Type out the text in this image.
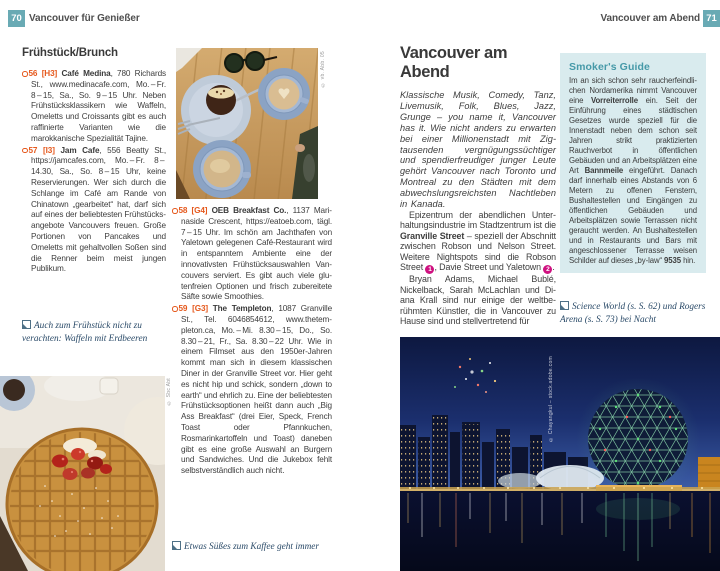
70 Vancouver für Genießer	Vancouver am Abend 71
Frühstück/Brunch

56 [H3] Café Medina, 780 Richards St., www.medinacafe.com, Mo. – Fr. 8 – 15, Sa., So. 9 – 15 Uhr. Neben Frühstücksklassikern wie Waffeln, Omeletts und Croissants gibt es auch raffinierte Varianten wie die marokkanische Spezialität Tajine.

57 [I3] Jam Cafe, 556 Beatty St., https://jamcafes.com, Mo. – Fr. 8 – 14.30, Sa., So. 8 – 15 Uhr, keine Reservierungen. Wer sich durch die Schlange im Café am Rande von Chinatown „gearbeitet“ hat, darf sich auf eines der beliebtesten Frühstücksangebote Vancouvers freuen. Große Portionen von Pancakes und Omeletts mit gehaltvollen Soßen sind die Renner beim meist jungen Publikum.

Auch zum Frühstück nicht zu verachten: Waffeln mit Erdbeeren
© Sbc Abt
© vb. Abb. 05

58 [G4] OEB Breakfast Co., 1137 Marinaside Crescent, https://eatoeb.com, tägl. 7 – 15 Uhr. Im schön am Jachthafen von Yaletown gelegenen Café-Restaurant wird in entspanntem Ambiente eine der innovativsten Frühstücksauswahlen Vancouvers serviert. Es gibt auch viele glutenfreien Optionen und frisch zubereitete Säfte sowie Smoothies.

59 [G3] The Templeton, 1087 Granville St., Tel. 6046854612, www.thetempleton.ca, Mo. – Mi. 8.30 – 15, Do., So. 8.30 – 21, Fr., Sa. 8.30 – 22 Uhr. Wie in einem Filmset aus den 1950er-Jahren kommt man sich in diesem klassischen Diner in der Granville Street vor. Hier geht es nicht hip und schick, sondern „down to earth“ und ehrlich zu. Eine der beliebtesten Frühstücksoptionen heißt dann auch „Big Ass Breakfast“ (drei Eier, Speck, French Toast oder Pfannkuchen, Rosmarinkartoffeln und Toast) daneben gibt es eine große Auswahl an Burgern und Sandwiches. Und die Jukebox fehlt selbstverständlich auch nicht.

Etwas Süßes zum Kaffee geht immer
Vancouver am Abend

Klassische Musik, Comedy, Tanz, Livemusik, Folk, Blues, Jazz, Grunge – you name it, Vancouver has it. Wie nicht anders zu erwarten bei einer Millionenstadt mit Zigtausenden vergnügungssüchtiger und spendierfreudiger junger Leute gehört Vancouver nach Toronto und Montreal zu den Städten mit dem abwechslungsreichsten Nachtleben in Kanada.

Epizentrum der abendlichen Unterhaltungsindustrie im Stadtzentrum ist die Granville Street – speziell der Abschnitt zwischen Robson und Nelson Street. Weitere Nightspots sind die Robson Street 1 , Davie Street und Yaletown 2 .

Bryan Adams, Michael Bublé, Nickelback, Sarah McLachlan und Diana Krall sind nur einige der weltberühmten Künstler, die in Vancouver zu Hause sind und stellvertretend für

Smoker's Guide

Im an sich schon sehr raucherfeindlichen Nordamerika nimmt Vancouver eine Vorreiterrolle ein. Seit der Einführung eines städtischen Gesetzes wurde speziell für die Innenstadt neben dem schon seit Jahren strikt praktizierten Rauchverbot in öffentlichen Gebäuden und an Arbeitsplätzen eine Art Bannmeile eingeführt. Danach darf innerhalb eines Abstands von 6 Metern zu offenen Fenstern, Bushaltestellen und Eingängen zu öffentlichen Gebäuden und Arbeitsplätzen sowie Terrassen nicht geraucht werden. An Bushaltestellen und in Restaurants und Bars mit angeschlossener Terrasse weisen Schilder auf dieses „by-law“ 9535 hin.

Science World (s. S. 62) und Rogers Arena (s. S. 73) bei Nacht
© Chayangkul – stock.adobe.com
